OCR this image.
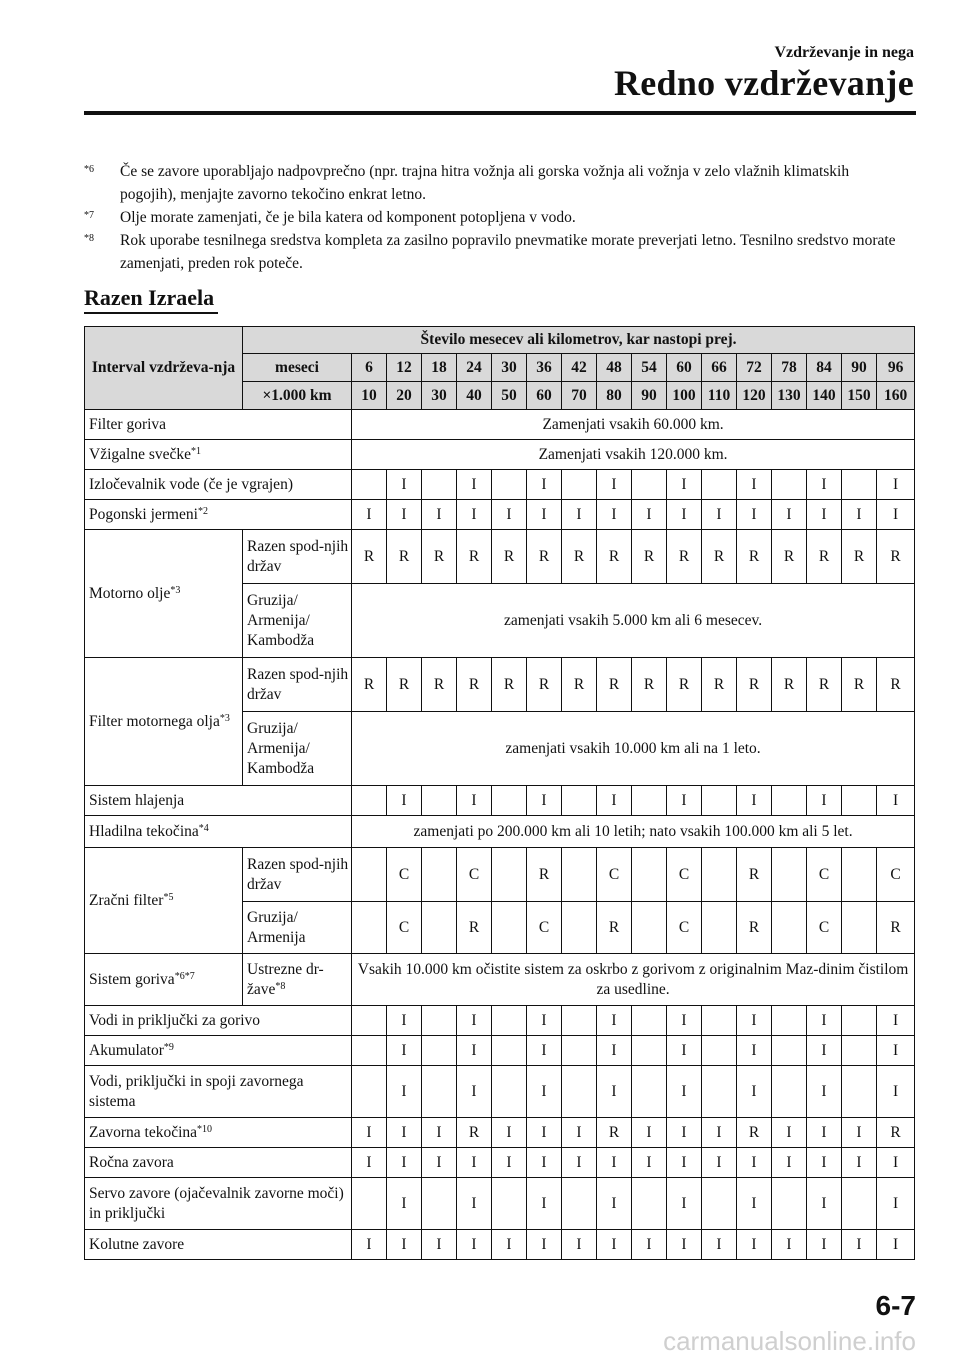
Vzdrževanje in nega
Redno vzdrževanje
$^{*6}$ Če se zavore uporabljajo nadpovprečno (npr. trajna hitra vožnja ali gorska vožnja ali vožnja v zelo vlažnih klimatskih pogojih), menjajte zavorno tekočino enkrat letno.
$^{*7}$ Olje morate zamenjati, če je bila katera od komponent potopljena v vodo.
$^{*8}$ Rok uporabe tesnilnega sredstva kompleta za zasilno popravilo pnevmatike morate preverjati letno. Tesnilno sredstvo morate zamenjati, preden rok poteče.
Razen Izraela
Interval vzdrževa-nja	Število mesecev ali kilometrov, kar nastopi prej.																
	meseci	6	12	18	24	30	36	42	48	54	60	66	72	78	84	90	96
	×1.000 km	10	20	30	40	50	60	70	80	90	100	110	120	130	140	150	160
Filter goriva		Zamenjati vsakih 60.000 km.															
Vžigalne svečke$^{*1}$		Zamenjati vsakih 120.000 km.															
Izločevalnik vode (če je vgrajen)			I		I		I		I		I		I		I		I
Pogonski jermeni$^{*2}$		I	I	I	I	I	I	I	I	I	I	I	I	I	I	I	I
Motorno olje$^{*3}$	Razen spod-njih držav	R	R	R	R	R	R	R	R	R	R	R	R	R	R	R	R
	Gruzija/ Armenija/ Kambodža	zamenjati vsakih 5.000 km ali 6 mesecev.															
Filter motornega olja$^{*3}$	Razen spod-njih držav	R	R	R	R	R	R	R	R	R	R	R	R	R	R	R	R
	Gruzija/ Armenija/ Kambodža	zamenjati vsakih 10.000 km ali na 1 leto.															
Sistem hlajenja			I		I		I		I		I		I		I		I
Hladilna tekočina$^{*4}$		zamenjati po 200.000 km ali 10 letih; nato vsakih 100.000 km ali 5 let.															
Zračni filter$^{*5}$	Razen spod-njih držav		C		C		R		C		C		R		C		C
	Gruzija/ Armenija		C		R		C		R		C		R		C		R
Sistem goriva$^{*6*7}$	Ustrezne dr-žave$^{*8}$	Vsakih 10.000 km očistite sistem za oskrbo z gorivom z originalnim Maz-dinim čistilom za usedline.															
Vodi in priključki za gorivo			I		I		I		I		I		I		I		I
Akumulator$^{*9}$			I		I		I		I		I		I		I		I
Vodi, priključki in spoji zavornega sistema			I		I		I		I		I		I		I		I
Zavorna tekočina$^{*10}$		I	I	I	R	I	I	I	R	I	I	I	R	I	I	I	R
Ročna zavora		I	I	I	I	I	I	I	I	I	I	I	I	I	I	I	I
Servo zavore (ojačevalnik zavorne moči) in priključki			I		I		I		I		I		I		I		I
Kolutne zavore		I	I	I	I	I	I	I	I	I	I	I	I	I	I	I	I
6-7
carmanualsonline.info
